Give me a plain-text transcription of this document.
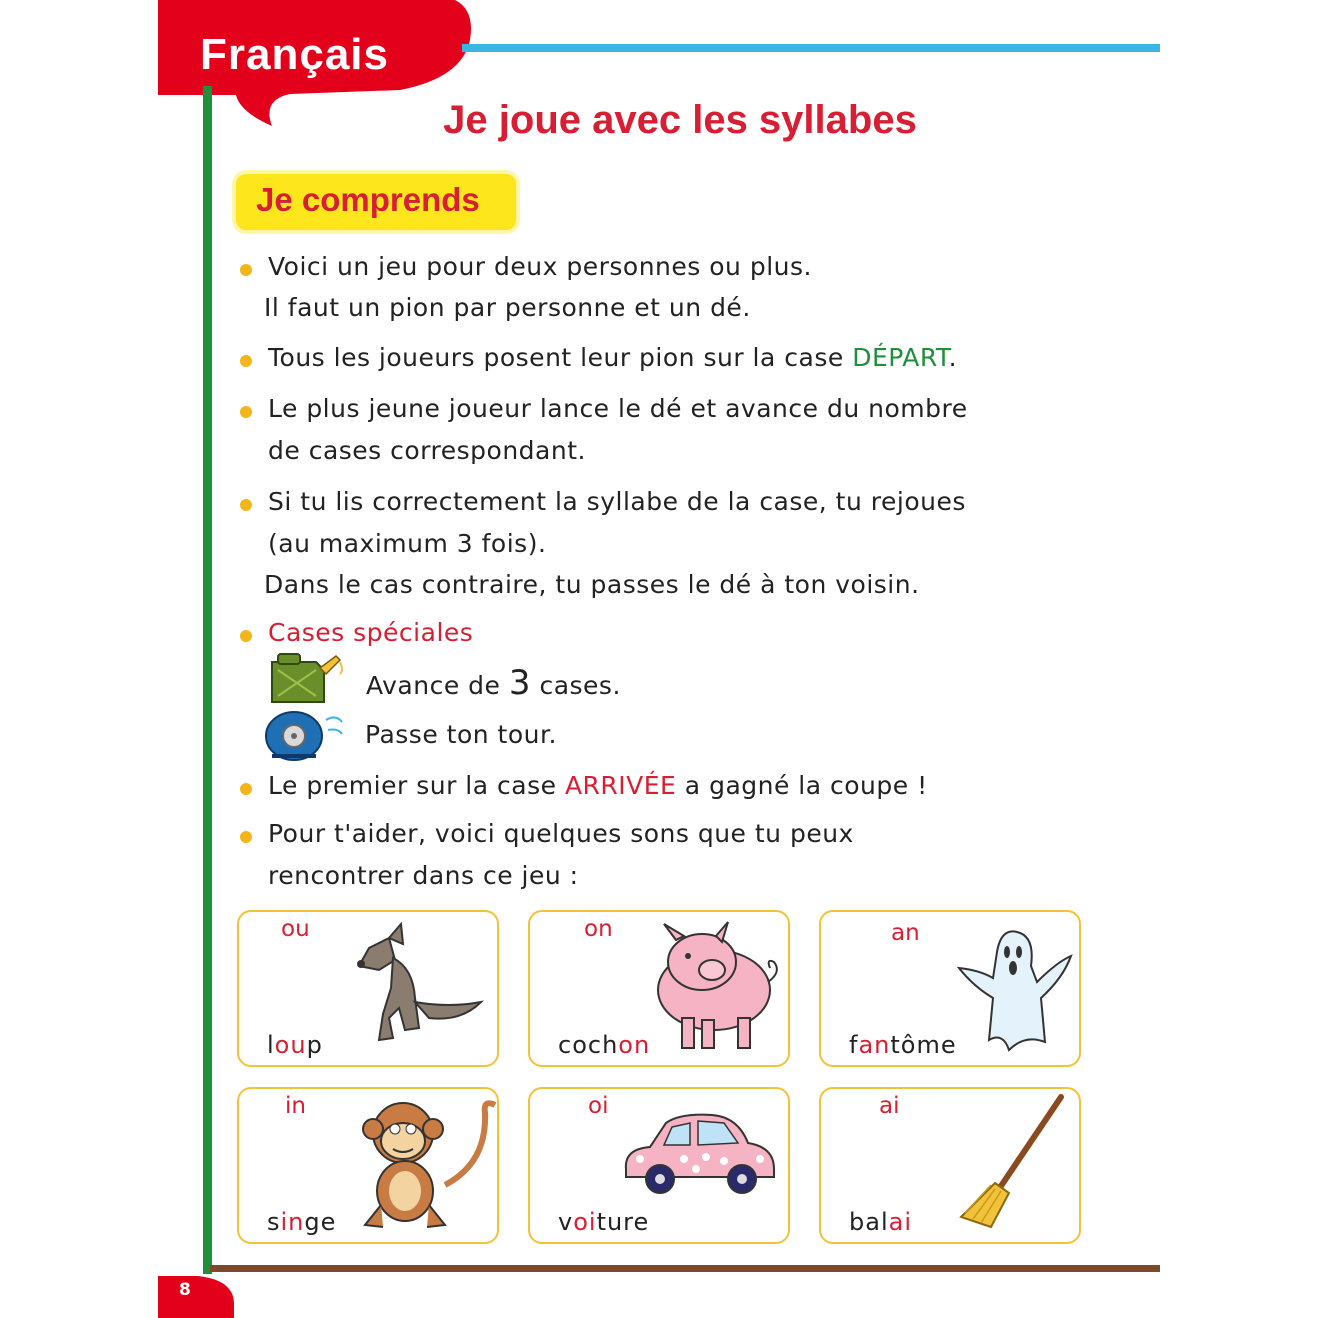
Français
8
Je joue avec les syllabes
Je comprends
Voici un jeu pour deux personnes ou plus.
Il faut un pion par personne et un dé.
Tous les joueurs posent leur pion sur la case DÉPART.
Le plus jeune joueur lance le dé et avance du nombre
de cases correspondant.
Si tu lis correctement la syllabe de la case, tu rejoues
(au maximum 3 fois).
Dans le cas contraire, tu passes le dé à ton voisin.
Cases spéciales
Avance de 3 cases.
Passe ton tour.
Le premier sur la case ARRIVÉE a gagné la coupe !
Pour t'aider, voici quelques sons que tu peux
rencontrer dans ce jeu :
ou
loup
on
cochon
an
fantôme
in
singe
oi
voiture
ai
balai
